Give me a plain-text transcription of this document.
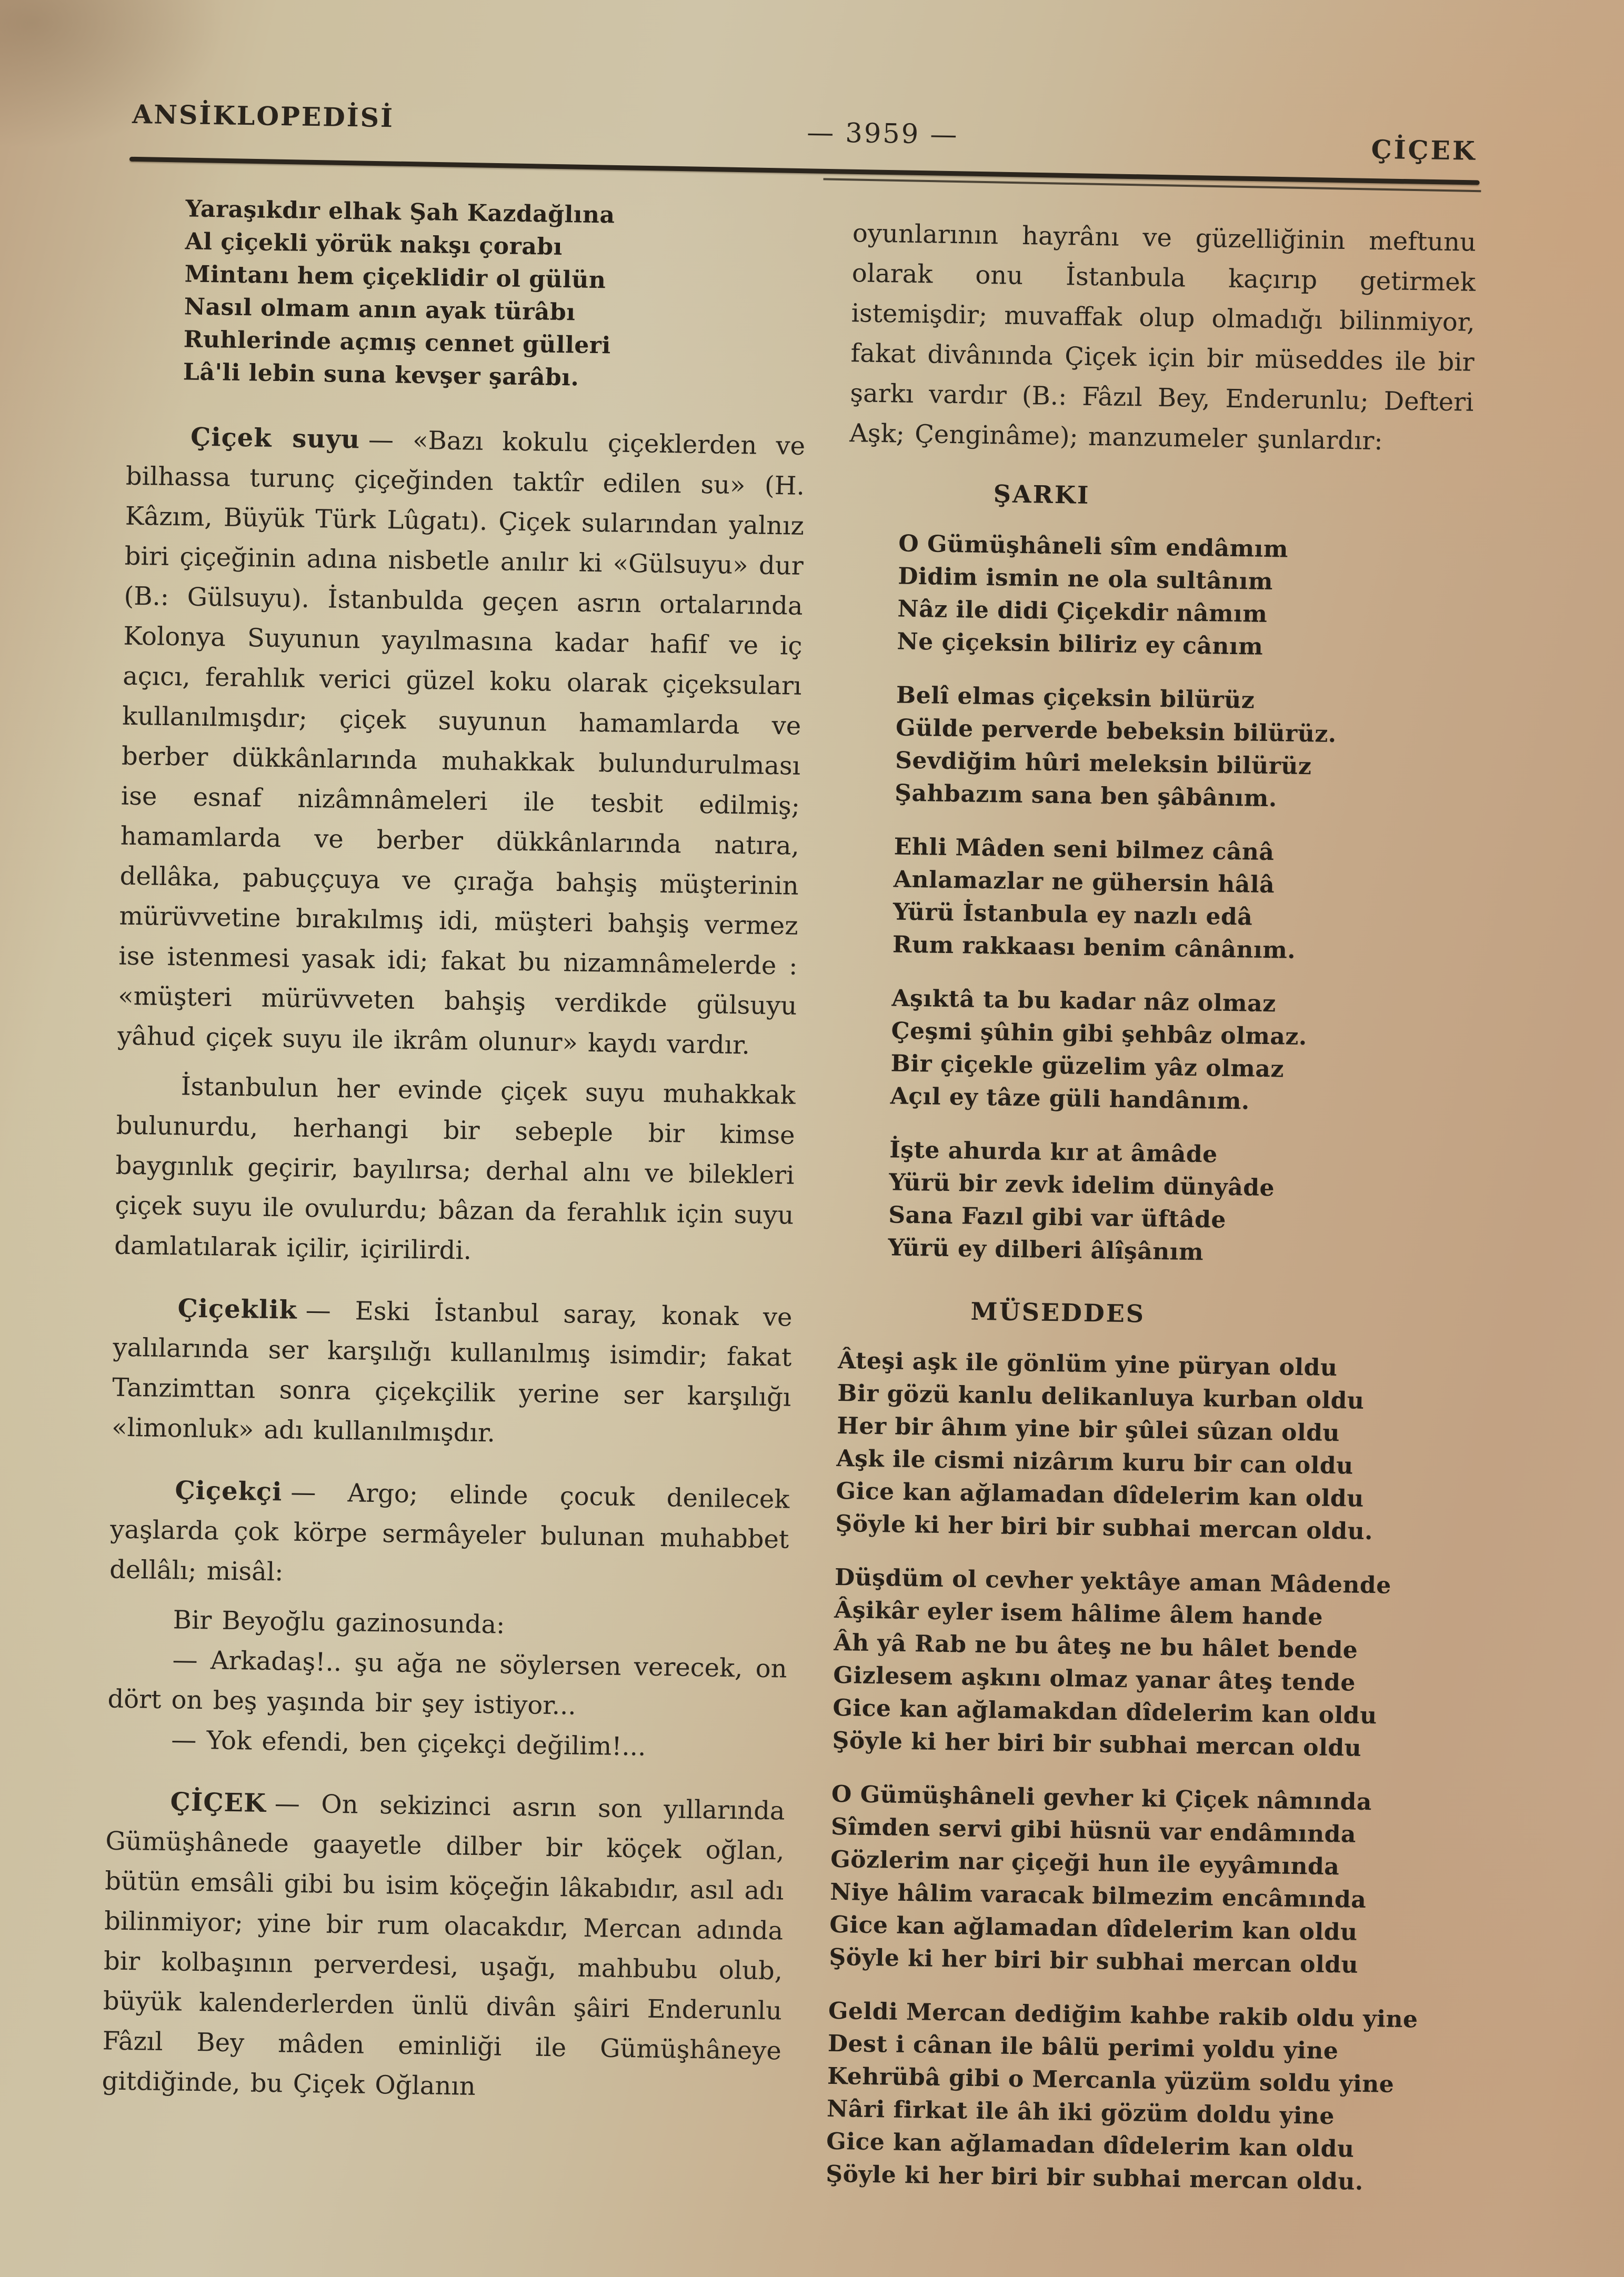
ANSİKLOPEDİSİ
— 3959 —	ÇİÇEK
Yaraşıkdır elhak Şah Kazdağlına
Al çiçekli yörük nakşı çorabı
Mintanı hem çiçeklidir ol gülün
Nasıl olmam anın ayak türâbı
Ruhlerinde açmış cennet gülleri
Lâ'li lebin suna kevşer şarâbı.

Çiçek suyu — «Bazı kokulu çiçeklerden ve bilhassa turunç çiçeğinden taktîr edilen su» (H. Kâzım, Büyük Türk Lûgatı). Çiçek sularından yalnız biri çiçeğinin adına nisbetle anılır ki «Gülsuyu» dur (B.: Gülsuyu). İstanbulda geçen asrın ortalarında Kolonya Suyunun yayılmasına kadar hafif ve iç açıcı, ferahlık verici güzel koku olarak çiçeksuları kullanılmışdır; çiçek suyunun hamamlarda ve berber dükkânlarında muhakkak bulundurulması ise esnaf nizâmnâmeleri ile tesbit edilmiş; hamamlarda ve berber dükkânlarında natıra, dellâka, pabuççuya ve çırağa bahşiş müşterinin mürüvvetine bırakılmış idi, müşteri bahşiş vermez ise istenmesi yasak idi; fakat bu nizamnâmelerde : «müşteri mürüvveten bahşiş verdikde gülsuyu yâhud çiçek suyu ile ikrâm olunur» kaydı vardır.

İstanbulun her evinde çiçek suyu muhakkak bulunurdu, herhangi bir sebeple bir kimse baygınlık geçirir, bayılırsa; derhal alnı ve bilekleri çiçek suyu ile ovulurdu; bâzan da ferahlık için suyu damlatılarak içilir, içirilirdi.

Çiçeklik — Eski İstanbul saray, konak ve yalılarında ser karşılığı kullanılmış isimdir; fakat Tanzimttan sonra çiçekçilik yerine ser karşılığı «limonluk» adı kullanılmışdır.

Çiçekçi — Argo; elinde çocuk denilecek yaşlarda çok körpe sermâyeler bulunan muhabbet dellâlı; misâl:

Bir Beyoğlu gazinosunda:

— Arkadaş!.. şu ağa ne söylersen verecek, on dört on beş yaşında bir şey istiyor...

— Yok efendi, ben çiçekçi değilim!...

ÇİÇEK — On sekizinci asrın son yıllarında Gümüşhânede gaayetle dilber bir köçek oğlan, bütün emsâli gibi bu isim köçeğin lâkabıdır, asıl adı bilinmiyor; yine bir rum olacakdır, Mercan adında bir kolbaşının perverdesi, uşağı, mahbubu olub, büyük kalenderlerden ünlü divân şâiri Enderunlu Fâzıl Bey mâden eminliği ile Gümüşhâneye gitdiğinde, bu Çiçek Oğlanın

oyunlarının hayrânı ve güzelliğinin meftunu olarak onu İstanbula kaçırıp getirmek istemişdir; muvaffak olup olmadığı bilinmiyor, fakat divânında Çiçek için bir müseddes ile bir şarkı vardır (B.: Fâzıl Bey, Enderunlu; Defteri Aşk; Çenginâme); manzumeler şunlardır:

ŞARKI
O Gümüşhâneli sîm endâmım
Didim ismin ne ola sultânım
Nâz ile didi Çiçekdir nâmım
Ne çiçeksin biliriz ey cânım
Belî elmas çiçeksin bilürüz
Gülde perverde bebeksin bilürüz.
Sevdiğim hûri meleksin bilürüz
Şahbazım sana ben şâbânım.
Ehli Mâden seni bilmez cânâ
Anlamazlar ne gühersin hâlâ
Yürü İstanbula ey nazlı edâ
Rum rakkaası benim cânânım.
Aşıktâ ta bu kadar nâz olmaz
Çeşmi şûhin gibi şehbâz olmaz.
Bir çiçekle güzelim yâz olmaz
Açıl ey tâze güli handânım.
İşte ahurda kır at âmâde
Yürü bir zevk idelim dünyâde
Sana Fazıl gibi var üftâde
Yürü ey dilberi âlîşânım
MÜSEDDES
Âteşi aşk ile gönlüm yine püryan oldu
Bir gözü kanlu delikanluya kurban oldu
Her bir âhım yine bir şûlei sûzan oldu
Aşk ile cismi nizârım kuru bir can oldu
Gice kan ağlamadan dîdelerim kan oldu
Şöyle ki her biri bir subhai mercan oldu.
Düşdüm ol cevher yektâye aman Mâdende
Âşikâr eyler isem hâlime âlem hande
Âh yâ Rab ne bu âteş ne bu hâlet bende
Gizlesem aşkını olmaz yanar âteş tende
Gice kan ağlamakdan dîdelerim kan oldu
Şöyle ki her biri bir subhai mercan oldu
O Gümüşhâneli gevher ki Çiçek nâmında
Sîmden servi gibi hüsnü var endâmında
Gözlerim nar çiçeği hun ile eyyâmında
Niye hâlim varacak bilmezim encâmında
Gice kan ağlamadan dîdelerim kan oldu
Şöyle ki her biri bir subhai mercan oldu
Geldi Mercan dediğim kahbe rakib oldu yine
Dest i cânan ile bâlü perimi yoldu yine
Kehrübâ gibi o Mercanla yüzüm soldu yine
Nâri firkat ile âh iki gözüm doldu yine
Gice kan ağlamadan dîdelerim kan oldu
Şöyle ki her biri bir subhai mercan oldu.
